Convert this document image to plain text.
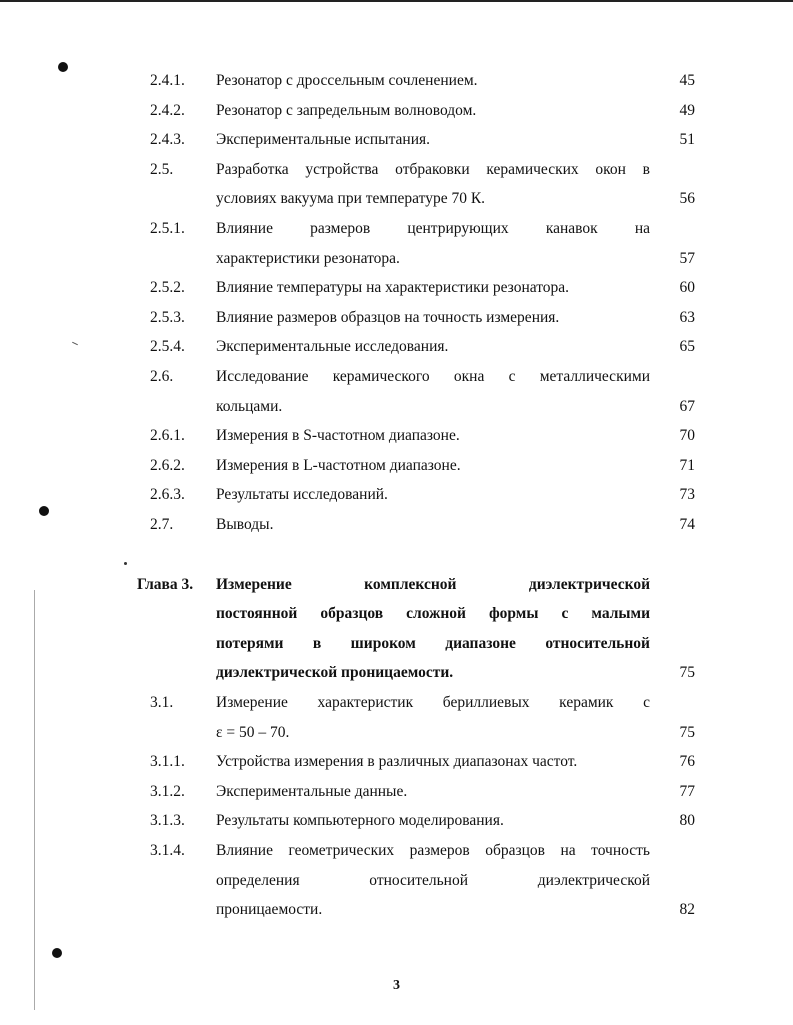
2.4.1. Резонатор с дроссельным сочленением.	45
2.4.2. Резонатор с запредельным волноводом.	49
2.4.3. Экспериментальные испытания.	51
2.5.	Разработка устройства отбраковки керамических окон в
условиях вакуума при температуре 70 К.	56
2.5.1. Влияние размеров центрирующих канавок на
характеристики резонатора.	57
2.5.2. Влияние температуры на характеристики резонатора.	60
2.5.3. Влияние размеров образцов на точность измерения.	63
2.5.4. Экспериментальные исследования.	65
2.6.	Исследование керамического окна с металлическими
кольцами.	67
2.6.1. Измерения в S-частотном диапазоне.	70
2.6.2. Измерения в L-частотном диапазоне.	71
2.6.3. Результаты исследований.	73
2.7.	Выводы.	74
Глава 3. Измерение комплексной диэлектрической
постоянной образцов сложной формы с малыми
потерями в широком диапазоне относительной
диэлектрической проницаемости.	75
3.1.	Измерение характеристик бериллиевых керамик с
ε = 50 – 70.	75
3.1.1. Устройства измерения в различных диапазонах частот.	76
3.1.2. Экспериментальные данные.	77
3.1.3. Результаты компьютерного моделирования.	80
3.1.4. Влияние геометрических размеров образцов на точность
определения относительной диэлектрической
проницаемости.	82
3
